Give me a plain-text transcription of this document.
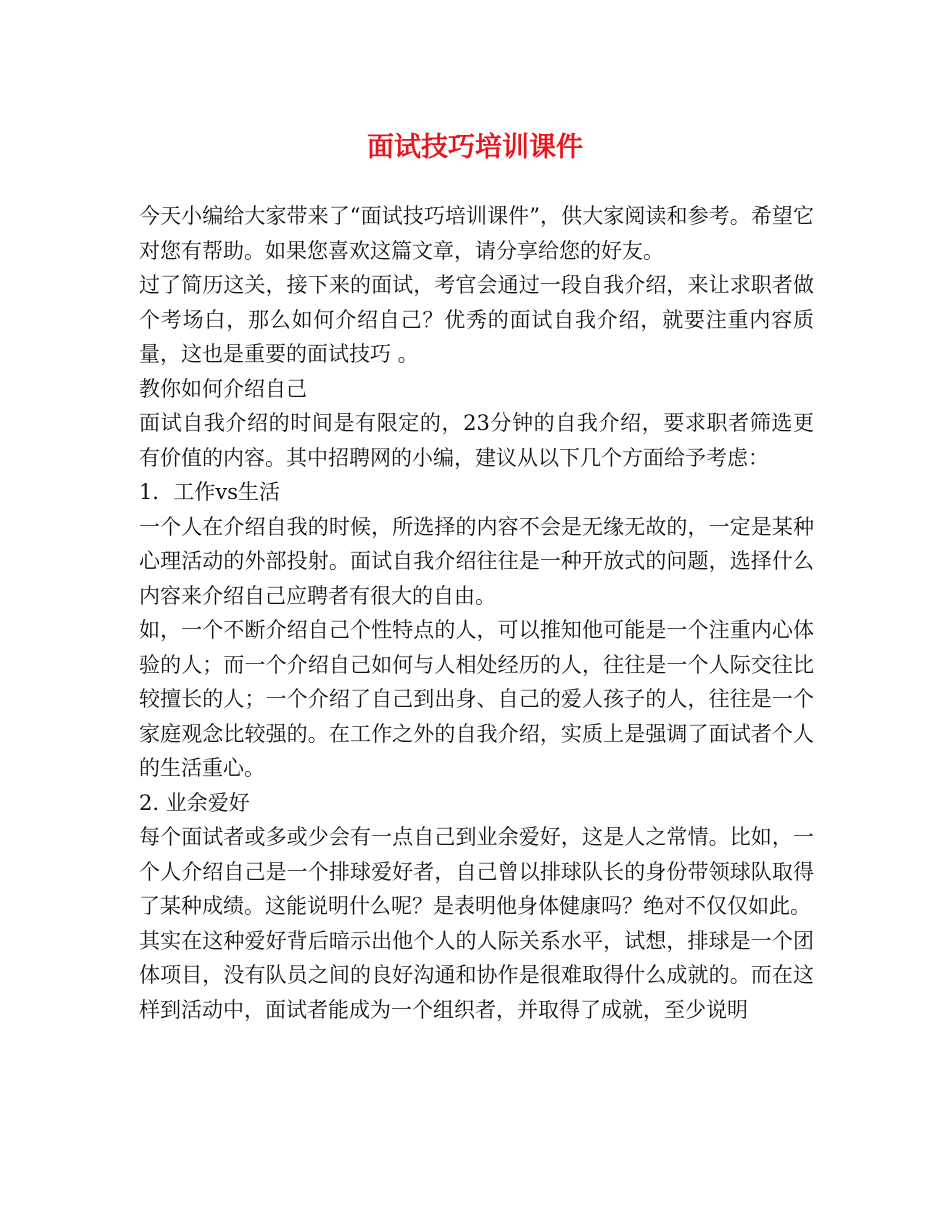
面试技巧培训课件

今天小编给大家带来了“面试技巧培训课件”，供大家阅读和参考。希望它对您有帮助。如果您喜欢这篇文章，请分享给您的好友。

过了简历这关，接下来的面试，考官会通过一段自我介绍，来让求职者做个考场白，那么如何介绍自己？优秀的面试自我介绍，就要注重内容质量，这也是重要的面试技巧 。

教你如何介绍自己

面试自我介绍的时间是有限定的，23分钟的自我介绍，要求职者筛选更有价值的内容。其中招聘网的小编，建议从以下几个方面给予考虑：

1．工作vs生活

一个人在介绍自我的时候，所选择的内容不会是无缘无故的，一定是某种心理活动的外部投射。面试自我介绍往往是一种开放式的问题，选择什么内容来介绍自己应聘者有很大的自由。

如，一个不断介绍自己个性特点的人，可以推知他可能是一个注重内心体验的人；而一个介绍自己如何与人相处经历的人，往往是一个人际交往比较擅长的人；一个介绍了自己到出身、自己的爱人孩子的人，往往是一个家庭观念比较强的。在工作之外的自我介绍，实质上是强调了面试者个人的生活重心。

2. 业余爱好

每个面试者或多或少会有一点自己到业余爱好，这是人之常情。比如，一个人介绍自己是一个排球爱好者，自己曾以排球队长的身份带领球队取得了某种成绩。这能说明什么呢？是表明他身体健康吗？绝对不仅仅如此。

其实在这种爱好背后暗示出他个人的人际关系水平，试想，排球是一个团体项目，没有队员之间的良好沟通和协作是很难取得什么成就的。而在这样到活动中，面试者能成为一个组织者，并取得了成就，至少说明
